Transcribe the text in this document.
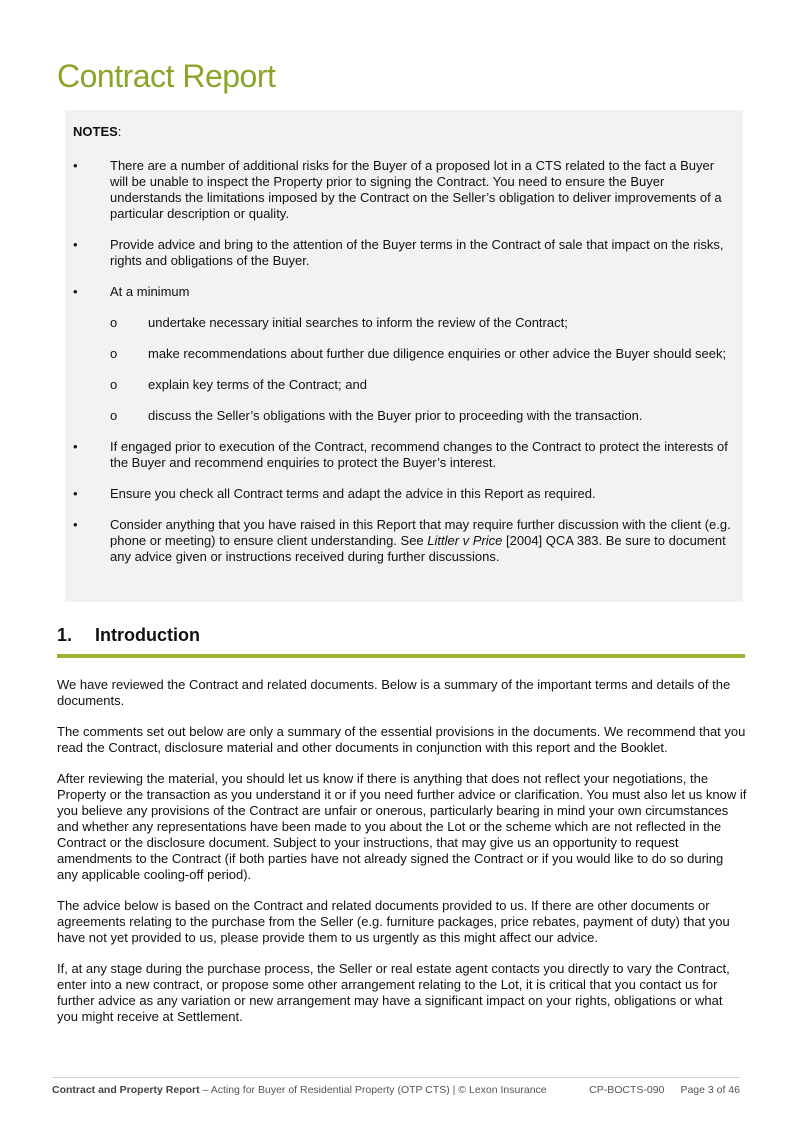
Contract Report

NOTES:

•	There are a number of additional risks for the Buyer of a proposed lot in a CTS related to the fact a Buyer will be unable to inspect the Property prior to signing the Contract. You need to ensure the Buyer understands the limitations imposed by the Contract on the Seller’s obligation to deliver improvements of a particular description or quality.
•	Provide advice and bring to the attention of the Buyer terms in the Contract of sale that impact on the risks, rights and obligations of the Buyer.
•	At a minimum
o undertake necessary initial searches to inform the review of the Contract;
o make recommendations about further due diligence enquiries or other advice the Buyer should seek;
o explain key terms of the Contract; and
o discuss the Seller’s obligations with the Buyer prior to proceeding with the transaction.
•	If engaged prior to execution of the Contract, recommend changes to the Contract to protect the interests of the Buyer and recommend enquiries to protect the Buyer’s interest.
•	Ensure you check all Contract terms and adapt the advice in this Report as required.
•	Consider anything that you have raised in this Report that may require further discussion with the client (e.g. phone or meeting) to ensure client understanding. See Littler v Price [2004] QCA 383. Be sure to document any advice given or instructions received during further discussions.
1. Introduction

We have reviewed the Contract and related documents. Below is a summary of the important terms and details of the documents.

The comments set out below are only a summary of the essential provisions in the documents. We recommend that you read the Contract, disclosure material and other documents in conjunction with this report and the Booklet.

After reviewing the material, you should let us know if there is anything that does not reflect your negotiations, the Property or the transaction as you understand it or if you need further advice or clarification. You must also let us know if you believe any provisions of the Contract are unfair or onerous, particularly bearing in mind your own circumstances and whether any representations have been made to you about the Lot or the scheme which are not reflected in the Contract or the disclosure document. Subject to your instructions, that may give us an opportunity to request amendments to the Contract (if both parties have not already signed the Contract or if you would like to do so during any applicable cooling-off period).

The advice below is based on the Contract and related documents provided to us. If there are other documents or agreements relating to the purchase from the Seller (e.g. furniture packages, price rebates, payment of duty) that you have not yet provided to us, please provide them to us urgently as this might affect our advice.

If, at any stage during the purchase process, the Seller or real estate agent contacts you directly to vary the Contract, enter into a new contract, or propose some other arrangement relating to the Lot, it is critical that you contact us for further advice as any variation or new arrangement may have a significant impact on your rights, obligations or what you might receive at Settlement.

Contract and Property Report – Acting for Buyer of Residential Property (OTP CTS) | © Lexon Insurance	CP-BOCTS-090 Page 3 of 46
